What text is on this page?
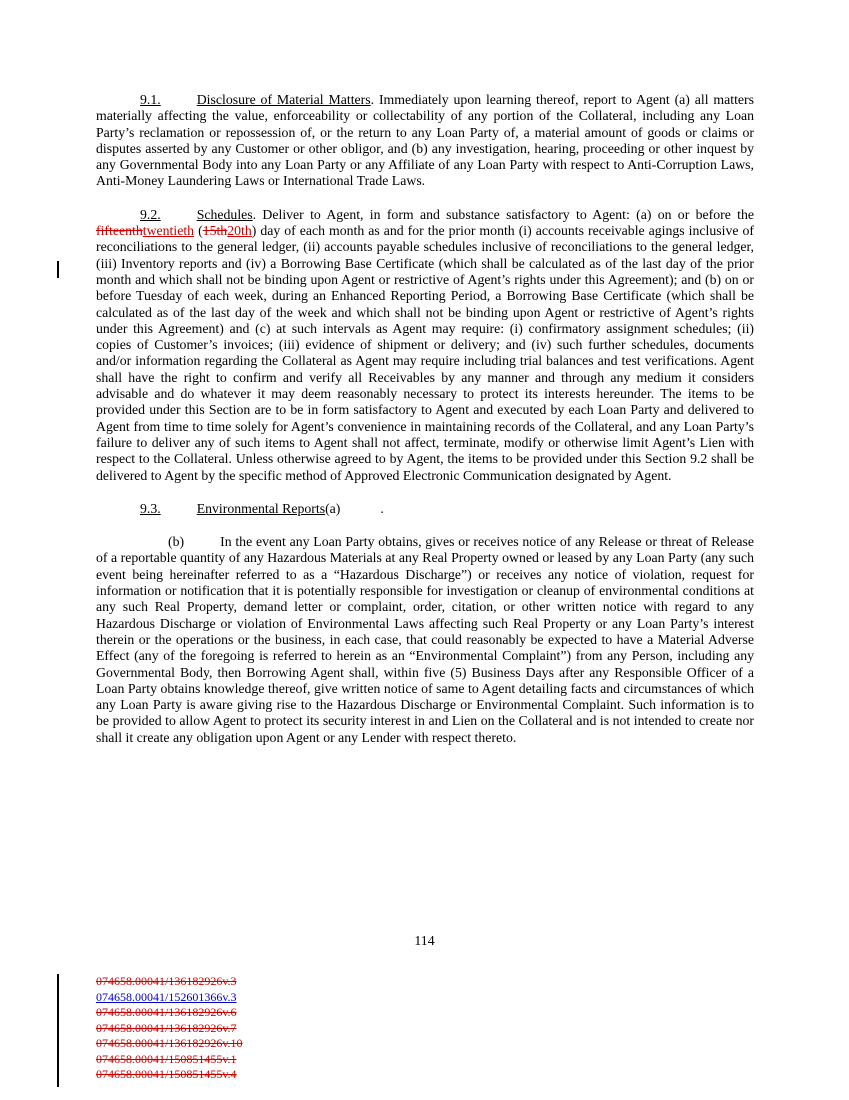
9.1.	Disclosure of Material Matters. Immediately upon learning thereof, report to Agent (a) all matters materially affecting the value, enforceability or collectability of any portion of the Collateral, including any Loan Party’s reclamation or repossession of, or the return to any Loan Party of, a material amount of goods or claims or disputes asserted by any Customer or other obligor, and (b) any investigation, hearing, proceeding or other inquest by any Governmental Body into any Loan Party or any Affiliate of any Loan Party with respect to Anti-Corruption Laws, Anti-Money Laundering Laws or International Trade Laws.

9.2.	Schedules. Deliver to Agent, in form and substance satisfactory to Agent: (a) on or before the fifteenthtwentieth (15th20th) day of each month as and for the prior month (i) accounts receivable agings inclusive of reconciliations to the general ledger, (ii) accounts payable schedules inclusive of reconciliations to the general ledger, (iii) Inventory reports and (iv) a Borrowing Base Certificate (which shall be calculated as of the last day of the prior month and which shall not be binding upon Agent or restrictive of Agent’s rights under this Agreement); and (b) on or before Tuesday of each week, during an Enhanced Reporting Period, a Borrowing Base Certificate (which shall be calculated as of the last day of the week and which shall not be binding upon Agent or restrictive of Agent’s rights under this Agreement) and (c) at such intervals as Agent may require: (i) confirmatory assignment schedules; (ii) copies of Customer’s invoices; (iii) evidence of shipment or delivery; and (iv) such further schedules, documents and/or information regarding the Collateral as Agent may require including trial balances and test verifications. Agent shall have the right to confirm and verify all Receivables by any manner and through any medium it considers advisable and do whatever it may deem reasonably necessary to protect its interests hereunder. The items to be provided under this Section are to be in form satisfactory to Agent and executed by each Loan Party and delivered to Agent from time to time solely for Agent’s convenience in maintaining records of the Collateral, and any Loan Party’s failure to deliver any of such items to Agent shall not affect, terminate, modify or otherwise limit Agent’s Lien with respect to the Collateral. Unless otherwise agreed to by Agent, the items to be provided under this Section 9.2 shall be delivered to Agent by the specific method of Approved Electronic Communication designated by Agent.

9.3.	Environmental Reports(a)	.

(b)	In the event any Loan Party obtains, gives or receives notice of any Release or threat of Release of a reportable quantity of any Hazardous Materials at any Real Property owned or leased by any Loan Party (any such event being hereinafter referred to as a “Hazardous Discharge”) or receives any notice of violation, request for information or notification that it is potentially responsible for investigation or cleanup of environmental conditions at any such Real Property, demand letter or complaint, order, citation, or other written notice with regard to any Hazardous Discharge or violation of Environmental Laws affecting such Real Property or any Loan Party’s interest therein or the operations or the business, in each case, that could reasonably be expected to have a Material Adverse Effect (any of the foregoing is referred to herein as an “Environmental Complaint”) from any Person, including any Governmental Body, then Borrowing Agent shall, within five (5) Business Days after any Responsible Officer of a Loan Party obtains knowledge thereof, give written notice of same to Agent detailing facts and circumstances of which any Loan Party is aware giving rise to the Hazardous Discharge or Environmental Complaint. Such information is to be provided to allow Agent to protect its security interest in and Lien on the Collateral and is not intended to create nor shall it create any obligation upon Agent or any Lender with respect thereto.

114
074658.00041/136182926v.3
074658.00041/152601366v.3
074658.00041/136182926v.6
074658.00041/136182926v.7
074658.00041/136182926v.10
074658.00041/150851455v.1
074658.00041/150851455v.4
